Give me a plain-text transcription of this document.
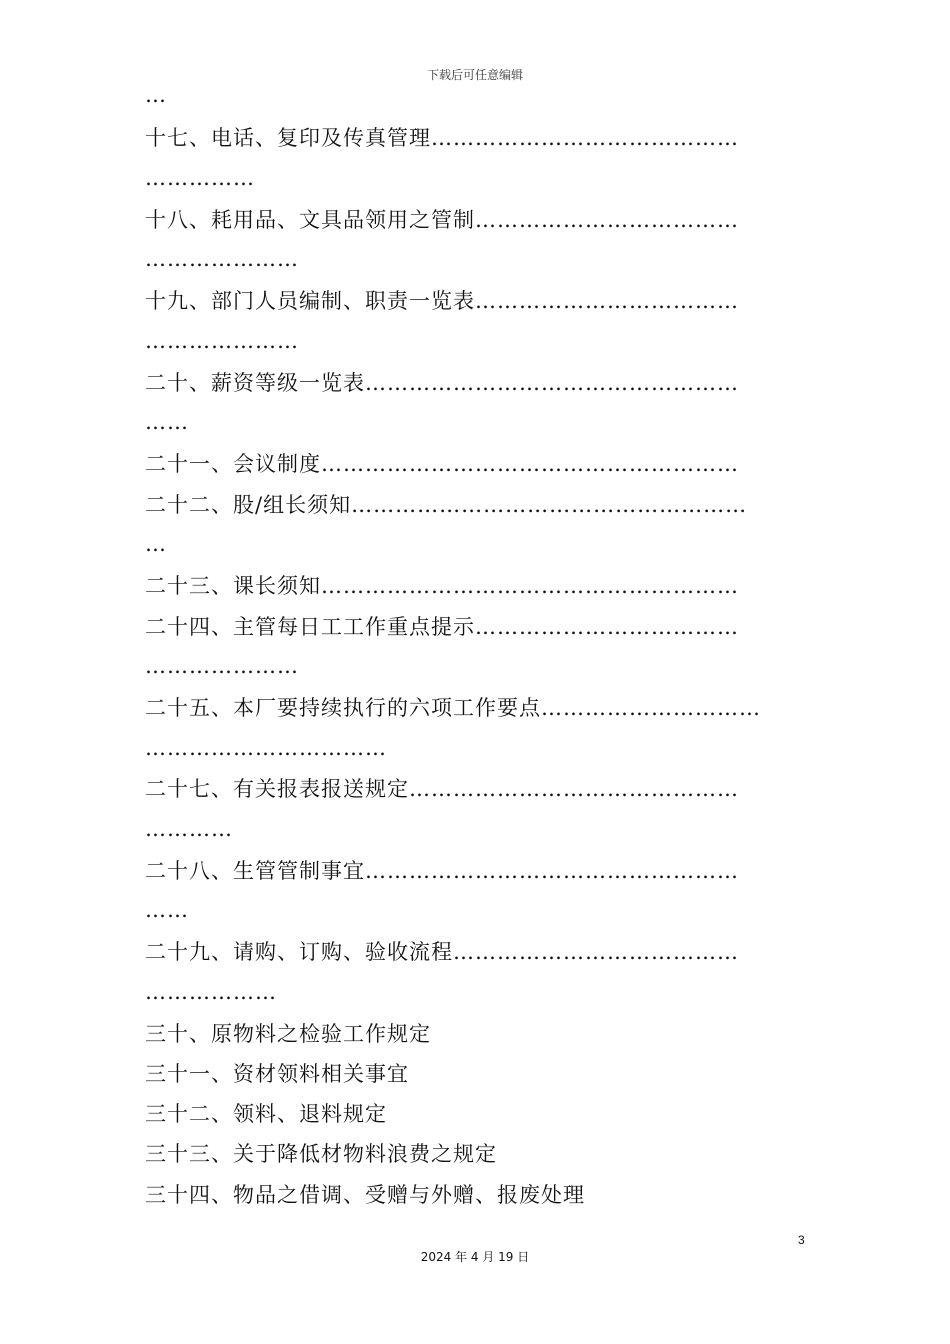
下载后可任意编辑
…
十七、电话、复印及传真管理……………………………………
……………
十八、耗用品、文具品领用之管制………………………………
…………………
十九、部门人员编制、职责一览表………………………………
…………………
二十、薪资等级一览表……………………………………………
……
二十一、会议制度…………………………………………………
二十二、股/组长须知………………………………………………
…
二十三、课长须知…………………………………………………
二十四、主管每日工工作重点提示………………………………
…………………
二十五、本厂要持续执行的六项工作要点…………………………
……………………………
二十七、有关报表报送规定………………………………………
…………
二十八、生管管制事宜……………………………………………
……
二十九、请购、订购、验收流程…………………………………
………………
三十、原物料之检验工作规定
三十一、资材领料相关事宜
三十二、领料、退料规定
三十三、关于降低材物料浪费之规定
三十四、物品之借调、受赠与外赠、报废处理
3
2024 年 4 月 19 日
